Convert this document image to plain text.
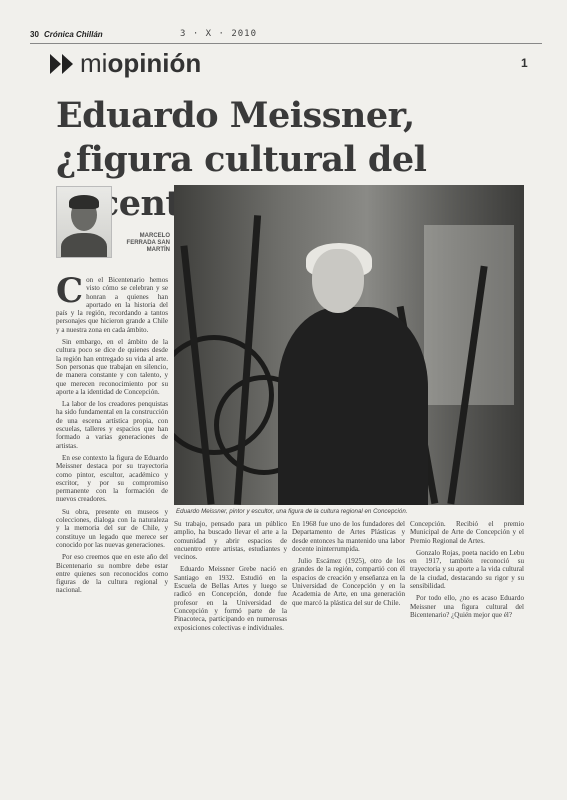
30 Crónica Chillán	3 · X · 2010
miopinión	1
Eduardo Meissner, ¿figura cultural del
MARCELO FERRADA SAN MARTÍN
Eduardo Meissner, pintor y escultor, una figura de la cultura regional en Concepción.
C on el Bicentenario hemos visto cómo se celebran y se honran a quienes han aportado en la historia del país y la región, recordando a tantos personajes que hicieron grande a Chile y a nuestra zona en cada ámbito.

Sin embargo, en el ámbito de la cultura poco se dice de quienes desde la región han entregado su vida al arte. Son personas que trabajan en silencio, de manera constante y con talento, y que merecen reconocimiento por su aporte a la identidad de Concepción.

La labor de los creadores penquistas ha sido fundamental en la construcción de una escena artística propia, con escuelas, talleres y espacios que han formado a varias generaciones de artistas.

En ese contexto la figura de Eduardo Meissner destaca por su trayectoria como pintor, escultor, académico y escritor, y por su compromiso permanente con la formación de nuevos creadores.

Su obra, presente en museos y colecciones, dialoga con la naturaleza y la memoria del sur de Chile, y constituye un legado que merece ser conocido por las nuevas generaciones.

Por eso creemos que en este año del Bicentenario su nombre debe estar entre quienes son reconocidos como figuras de la cultura regional y nacional.

Su trabajo, pensado para un público amplio, ha buscado llevar el arte a la comunidad y abrir espacios de encuentro entre artistas, estudiantes y vecinos.

Eduardo Meissner Grebe nació en Santiago en 1932. Estudió en la Escuela de Bellas Artes y luego se radicó en Concepción, donde fue profesor en la Universidad de Concepción y formó parte de la Pinacoteca, participando en numerosas exposiciones colectivas e individuales.

En 1968 fue uno de los fundadores del Departamento de Artes Plásticas y desde entonces ha mantenido una labor docente ininterrumpida.

Julio Escámez (1925), otro de los grandes de la región, compartió con él espacios de creación y enseñanza en la Universidad de Concepción y en la Academia de Arte, en una generación que marcó la plástica del sur de Chile.

Concepción. Recibió el premio Municipal de Arte de Concepción y el Premio Regional de Artes.

Gonzalo Rojas, poeta nacido en Lebu en 1917, también reconoció su trayectoria y su aporte a la vida cultural de la ciudad, destacando su rigor y su sensibilidad.

Por todo ello, ¿no es acaso Eduardo Meissner una figura cultural del Bicentenario? ¿Quién mejor que él?
